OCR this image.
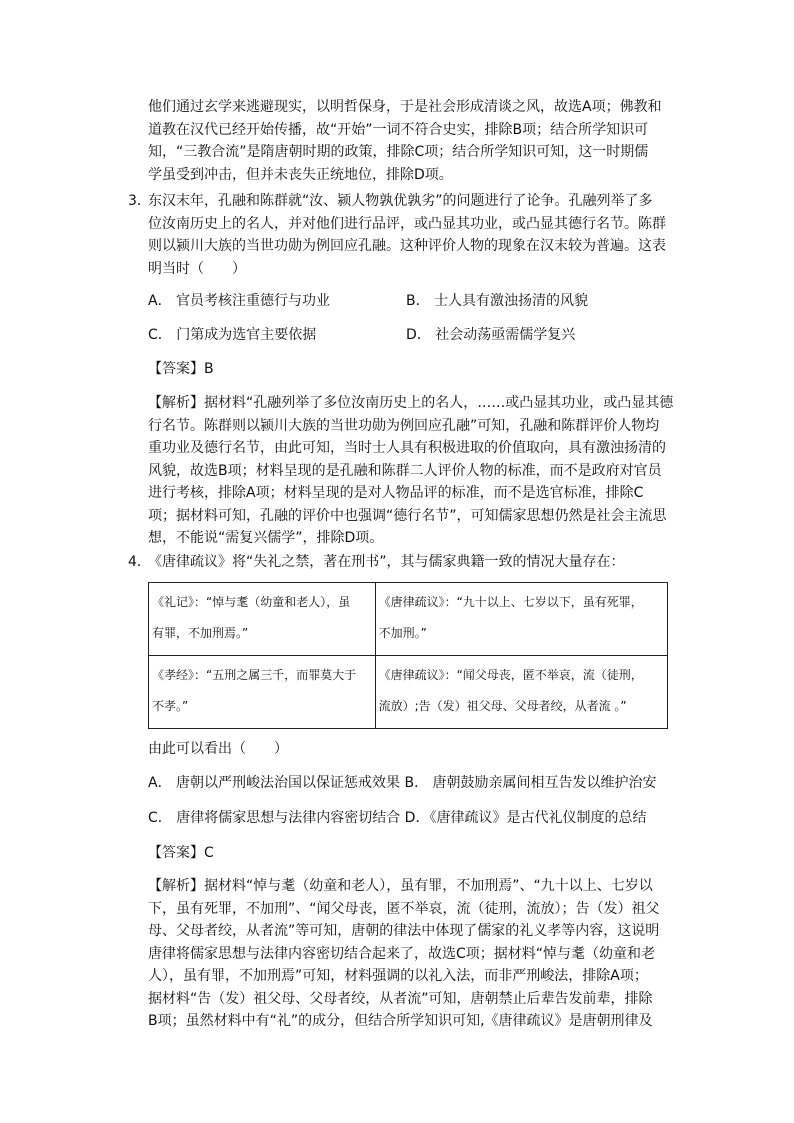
他们通过玄学来逃避现实，以明哲保身，于是社会形成清谈之风，故选A项；佛教和
道教在汉代已经开始传播，故“开始”一词不符合史实，排除B项；结合所学知识可
知，“三教合流”是隋唐朝时期的政策，排除C项；结合所学知识可知，这一时期儒
学虽受到冲击，但并未丧失正统地位，排除D项。
3．
东汉末年，孔融和陈群就“汝、颍人物孰优孰劣”的问题进行了论争。孔融列举了多
位汝南历史上的名人，并对他们进行品评，或凸显其功业，或凸显其德行名节。陈群
则以颍川大族的当世功勋为例回应孔融。这种评价人物的现象在汉末较为普遍。这表
明当时（　　）
A． 官员考核注重德行与功业	B． 士人具有激浊扬清的风貌
C． 门第成为选官主要依据	D． 社会动荡亟需儒学复兴
【答案】B
【解析】据材料“孔融列举了多位汝南历史上的名人，……或凸显其功业，或凸显其德
行名节。陈群则以颍川大族的当世功勋为例回应孔融”可知，孔融和陈群评价人物均
重功业及德行名节，由此可知，当时士人具有积极进取的价值取向，具有激浊扬清的
风貌，故选B项；材料呈现的是孔融和陈群二人评价人物的标准，而不是政府对官员
进行考核，排除A项；材料呈现的是对人物品评的标准，而不是选官标准，排除C
项；据材料可知，孔融的评价中也强调“德行名节”，可知儒家思想仍然是社会主流思
想，不能说“需复兴儒学”，排除D项。
4．
《唐律疏议》将“失礼之禁，著在刑书”，其与儒家典籍一致的情况大量存在：
《礼记》：“悼与耄（幼童和老人），虽
有罪，不加刑焉。”	《唐律疏议》：“九十以上、七岁以下，虽有死罪，
不加刑。”

《孝经》：“五刑之属三千，而罪莫大于
不孝。”	《唐律疏议》：“闻父母丧，匿不举哀，流（徒刑，
流放）;告（发）祖父母、父母者绞，从者流 。”
由此可以看出（　　）
A． 唐朝以严刑峻法治国以保证惩戒效果 B． 唐朝鼓励亲属间相互告发以维护治安
C． 唐律将儒家思想与法律内容密切结合 D．《唐律疏议》是古代礼仪制度的总结
【答案】C
【解析】据材料“悼与耄（幼童和老人），虽有罪，不加刑焉”、“九十以上、七岁以
下，虽有死罪，不加刑”、“闻父母丧，匿不举哀，流（徒刑，流放）；告（发）祖父
母、父母者绞，从者流”等可知，唐朝的律法中体现了儒家的礼义孝等内容，这说明
唐律将儒家思想与法律内容密切结合起来了，故选C项；据材料“悼与耄（幼童和老
人），虽有罪，不加刑焉”可知，材料强调的以礼入法，而非严刑峻法，排除A项；
据材料“告（发）祖父母、父母者绞，从者流”可知，唐朝禁止后辈告发前辈，排除
B项；虽然材料中有“礼”的成分，但结合所学知识可知,《唐律疏议》是唐朝刑律及
